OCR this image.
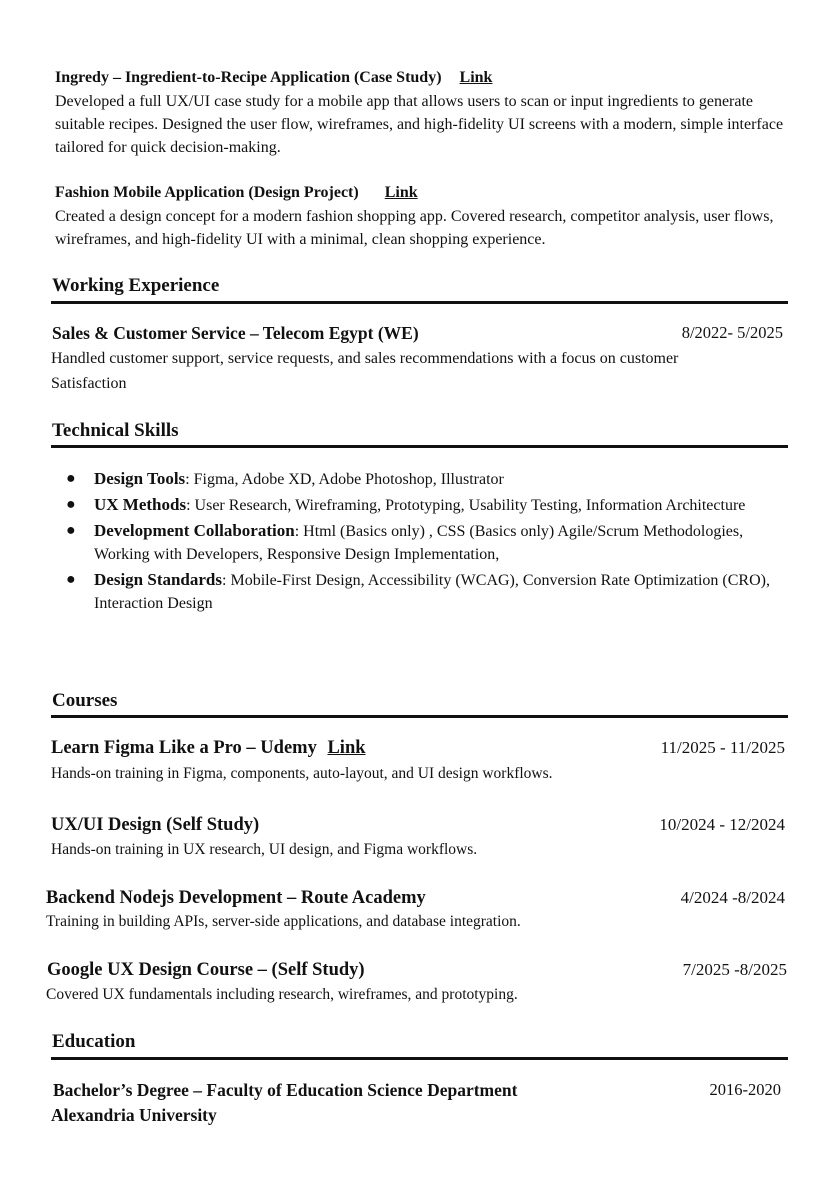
Ingredy – Ingredient-to-Recipe Application (Case Study) Link
Developed a full UX/UI case study for a mobile app that allows users to scan or input ingredients to generate suitable recipes. Designed the user flow, wireframes, and high-fidelity UI screens with a modern, simple interface tailored for quick decision-making.
Fashion Mobile Application (Design Project) Link
Created a design concept for a modern fashion shopping app. Covered research, competitor analysis, user flows, wireframes, and high-fidelity UI with a minimal, clean shopping experience.
Working Experience
Sales & Customer Service – Telecom Egypt (WE)	8/2022- 5/2025
Handled customer support, service requests, and sales recommendations with a focus on customer
Satisfaction
Technical Skills
● Design Tools: Figma, Adobe XD, Adobe Photoshop, Illustrator
● UX Methods: User Research, Wireframing, Prototyping, Usability Testing, Information Architecture
● Development Collaboration: Html (Basics only) , CSS (Basics only) Agile/Scrum Methodologies, Working with Developers, Responsive Design Implementation,
● Design Standards: Mobile-First Design, Accessibility (WCAG), Conversion Rate Optimization (CRO), Interaction Design
Courses
Learn Figma Like a Pro – Udemy Link	11/2025 - 11/2025
Hands-on training in Figma, components, auto-layout, and UI design workflows.
UX/UI Design (Self Study)	10/2024 - 12/2024
Hands-on training in UX research, UI design, and Figma workflows.
Backend Nodejs Development – Route Academy	4/2024 -8/2024
Training in building APIs, server-side applications, and database integration.
Google UX Design Course – (Self Study)	7/2025 -8/2025
Covered UX fundamentals including research, wireframes, and prototyping.
Education
Bachelor’s Degree – Faculty of Education Science Department	2016-2020
Alexandria University
